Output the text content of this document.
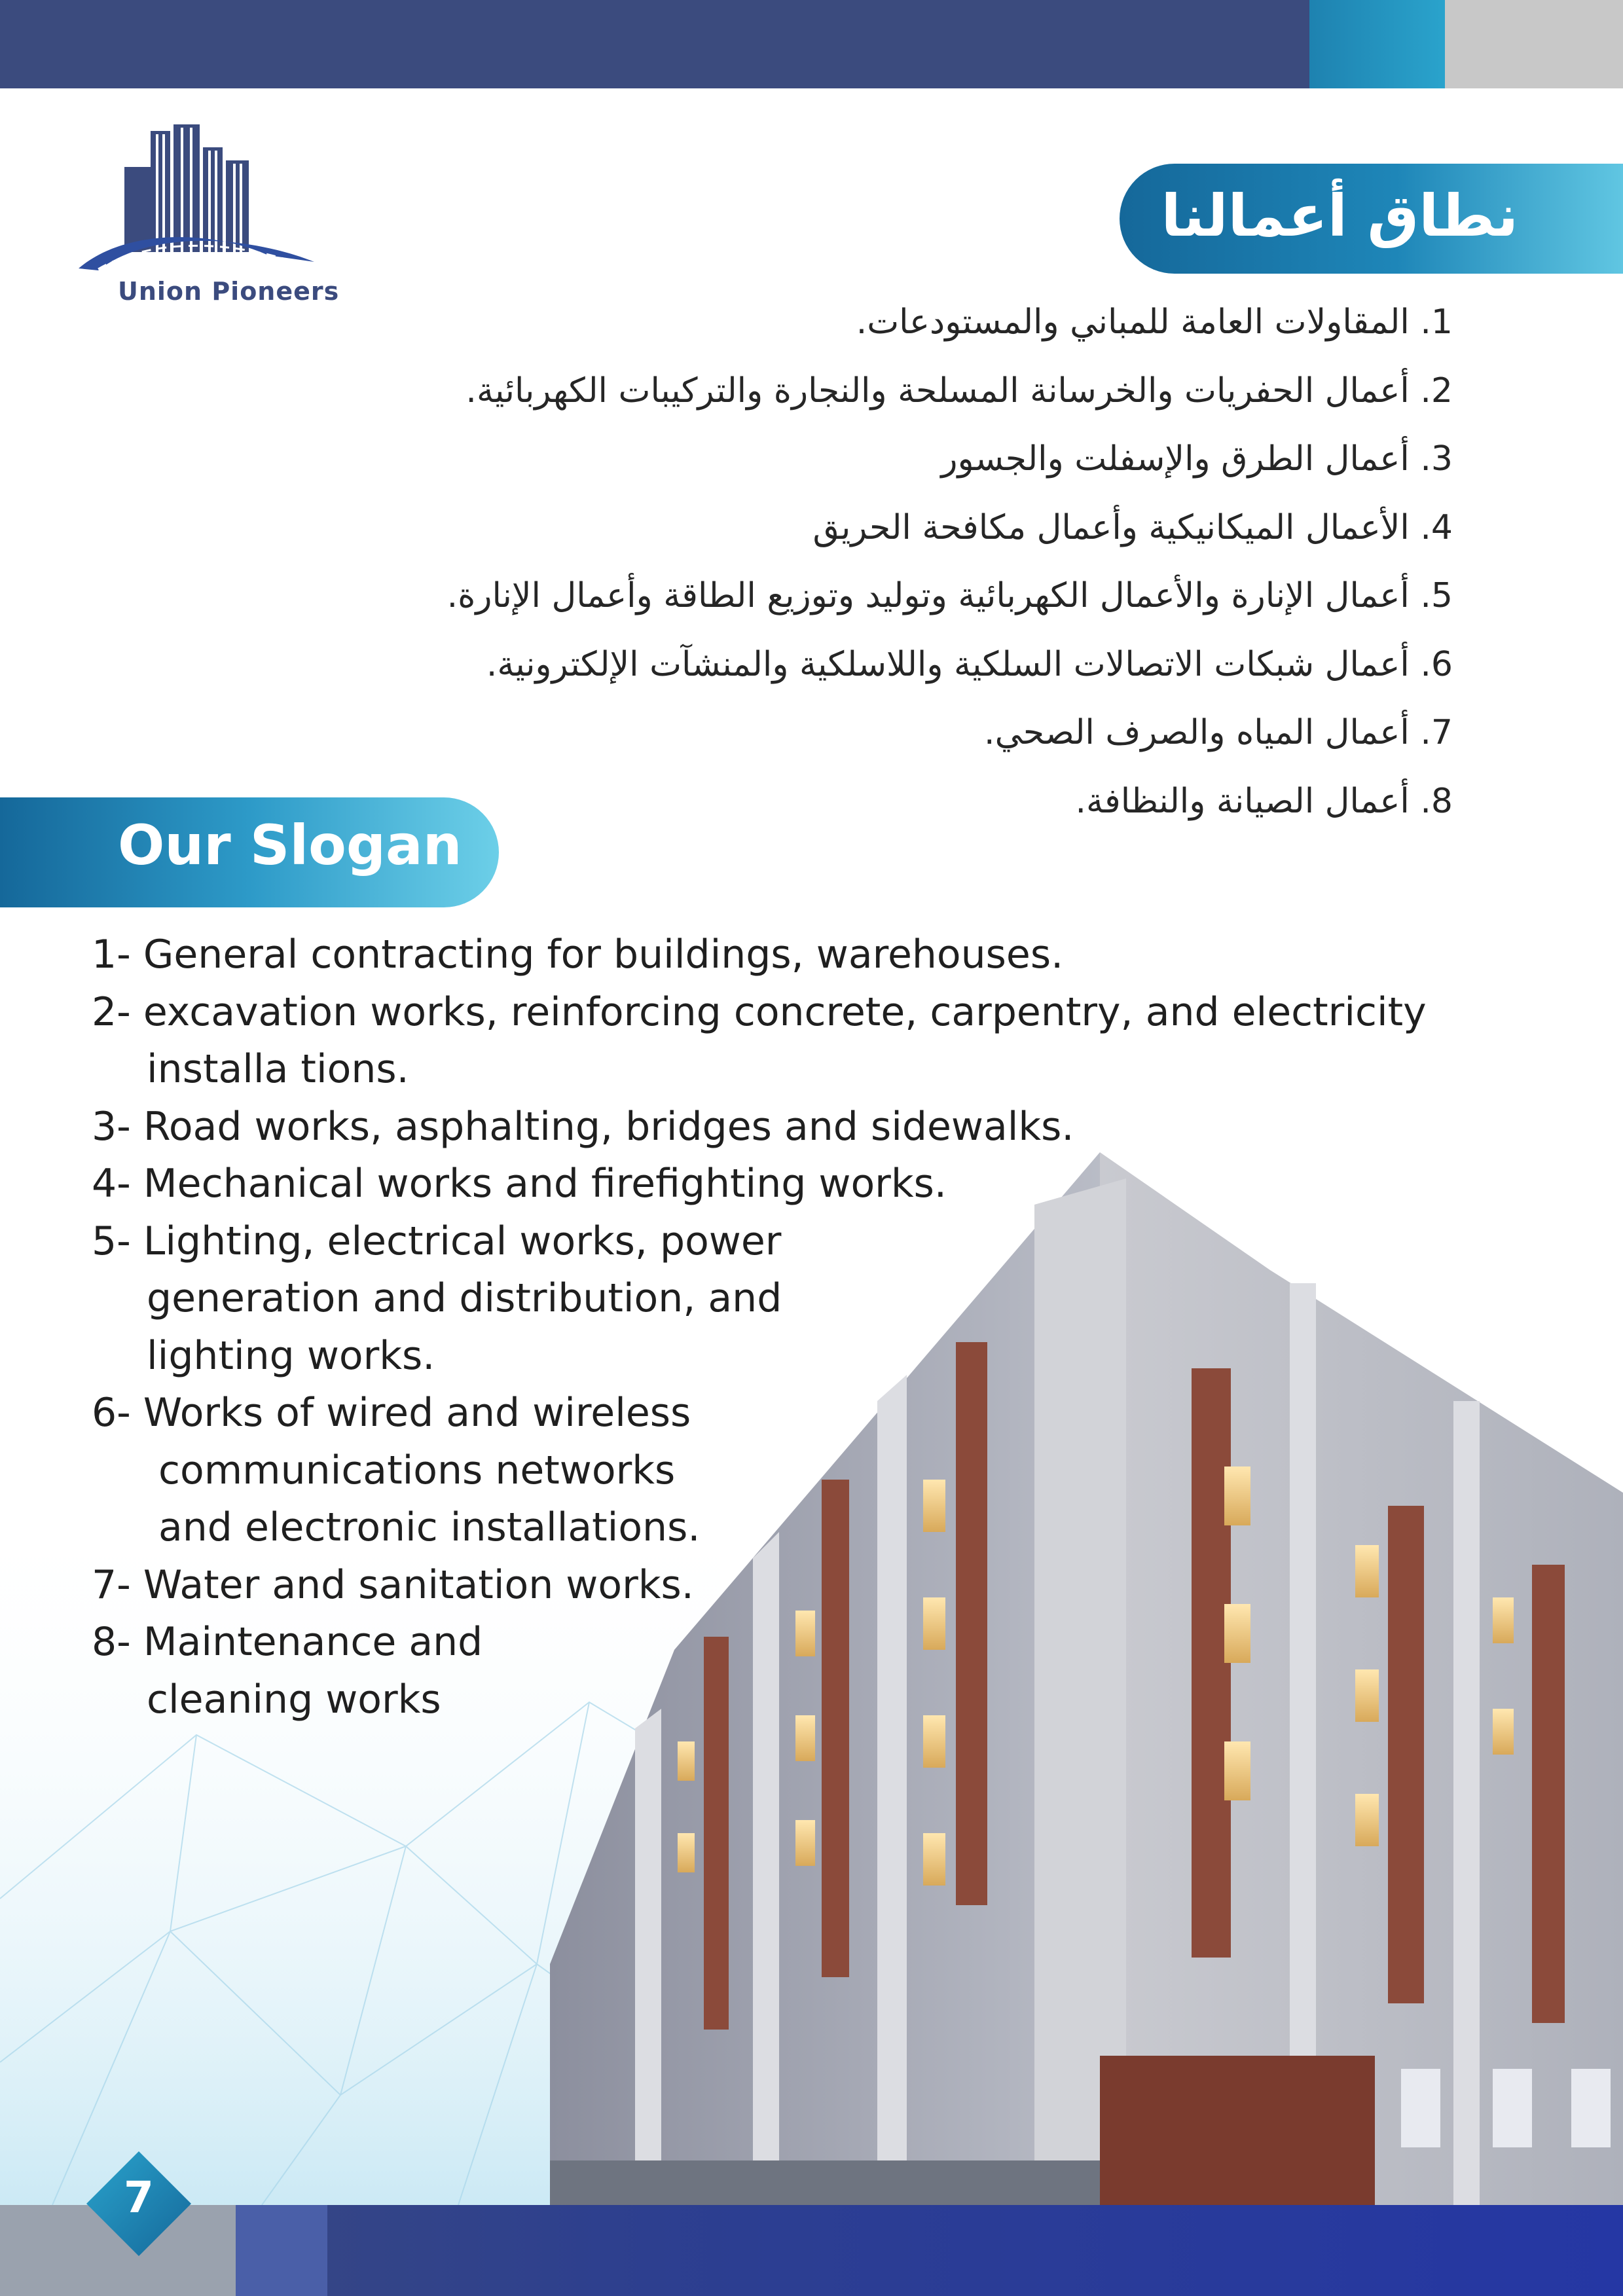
Union Pioneers
نطاق أعمالنا
1. المقاولات العامة للمباني والمستودعات.
2. أعمال الحفريات والخرسانة المسلحة والنجارة والتركيبات الكهربائية.
3. أعمال الطرق والإسفلت والجسور
4. الأعمال الميكانيكية وأعمال مكافحة الحريق
5. أعمال الإنارة والأعمال الكهربائية وتوليد وتوزيع الطاقة وأعمال الإنارة.
6. أعمال شبكات الاتصالات السلكية واللاسلكية والمنشآت الإلكترونية.
7. أعمال المياه والصرف الصحي.
8. أعمال الصيانة والنظافة.
Our Slogan
1- General contracting for buildings, warehouses.
2- excavation works, reinforcing concrete, carpentry, and electricity
installa tions.
3- Road works, asphalting, bridges and sidewalks.
4- Mechanical works and firefighting works.
5- Lighting, electrical works, power
generation and distribution, and
lighting works.
6- Works of wired and wireless
communications networks
and electronic installations.
7- Water and sanitation works.
8- Maintenance and
cleaning works
7
